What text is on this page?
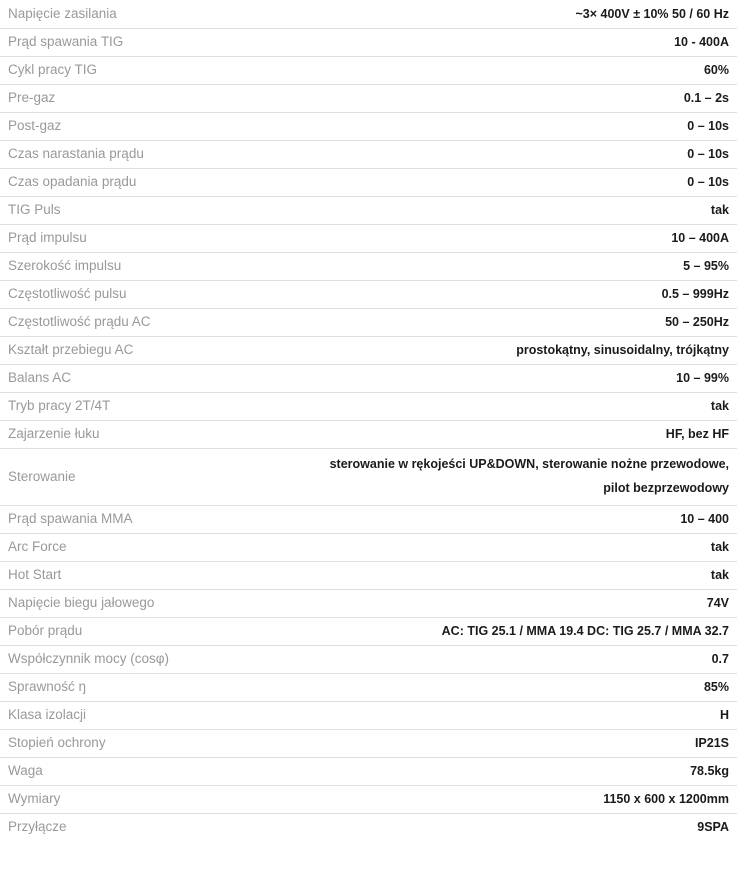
Napięcie zasilania	~3× 400V ± 10% 50 / 60 Hz
Prąd spawania TIG	10 - 400A
Cykl pracy TIG	60%
Pre-gaz	0.1 – 2s
Post-gaz	0 – 10s
Czas narastania prądu	0 – 10s
Czas opadania prądu	0 – 10s
TIG Puls	tak
Prąd impulsu	10 – 400A
Szerokość impulsu	5 – 95%
Częstotliwość pulsu	0.5 – 999Hz
Częstotliwość prądu AC	50 – 250Hz
Kształt przebiegu AC	prostokątny, sinusoidalny, trójkątny
Balans AC	10 – 99%
Tryb pracy 2T/4T	tak
Zajarzenie łuku	HF, bez HF
Sterowanie	sterowanie w rękojeści UP&DOWN, sterowanie nożne przewodowe, pilot bezprzewodowy
Prąd spawania MMA	10 – 400
Arc Force	tak
Hot Start	tak
Napięcie biegu jałowego	74V
Pobór prądu	AC: TIG 25.1 / MMA 19.4 DC: TIG 25.7 / MMA 32.7
Współczynnik mocy (cosφ)	0.7
Sprawność ŋ	85%
Klasa izolacji	H
Stopień ochrony	IP21S
Waga	78.5kg
Wymiary	1150 x 600 x 1200mm
Przyłącze	9SPA
